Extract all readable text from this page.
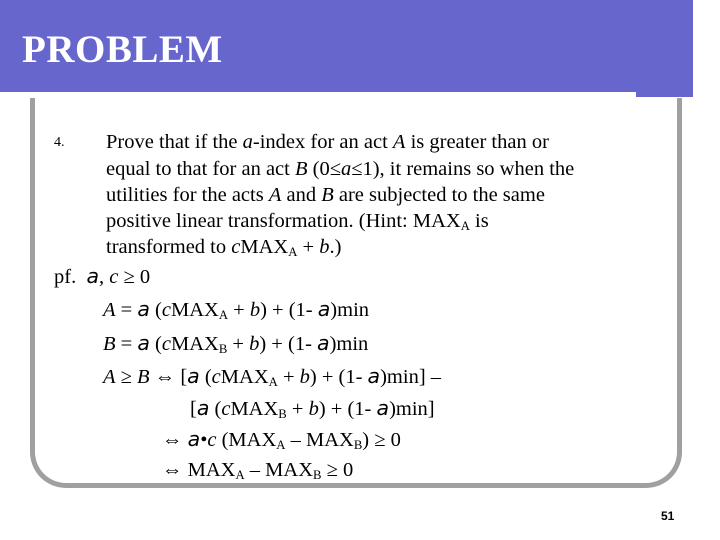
PROBLEM
4. Prove that if the a-index for an act A is greater than or
equal to that for an act B (0≤a≤1), it remains so when the
utilities for the acts A and B are subjected to the same
positive linear transformation. (Hint: $MAX_A$ is
transformed to cMAX$_A$ + b.)
pf. a, c ≥ 0
A = a (cMAX$_A$ + b) + (1- a)min
B = a (cMAX$_B$ + b) + (1- a)min
A ≥ B ⇔ [a (cMAX$_A$ + b) + (1- a)min] –
[a (cMAX$_B$ + b) + (1- a)min]
⇔ a•c $(MAX_A - MAX_B) \ge 0$
⇔ $MAX_A - MAX_B \ge 0$
51
